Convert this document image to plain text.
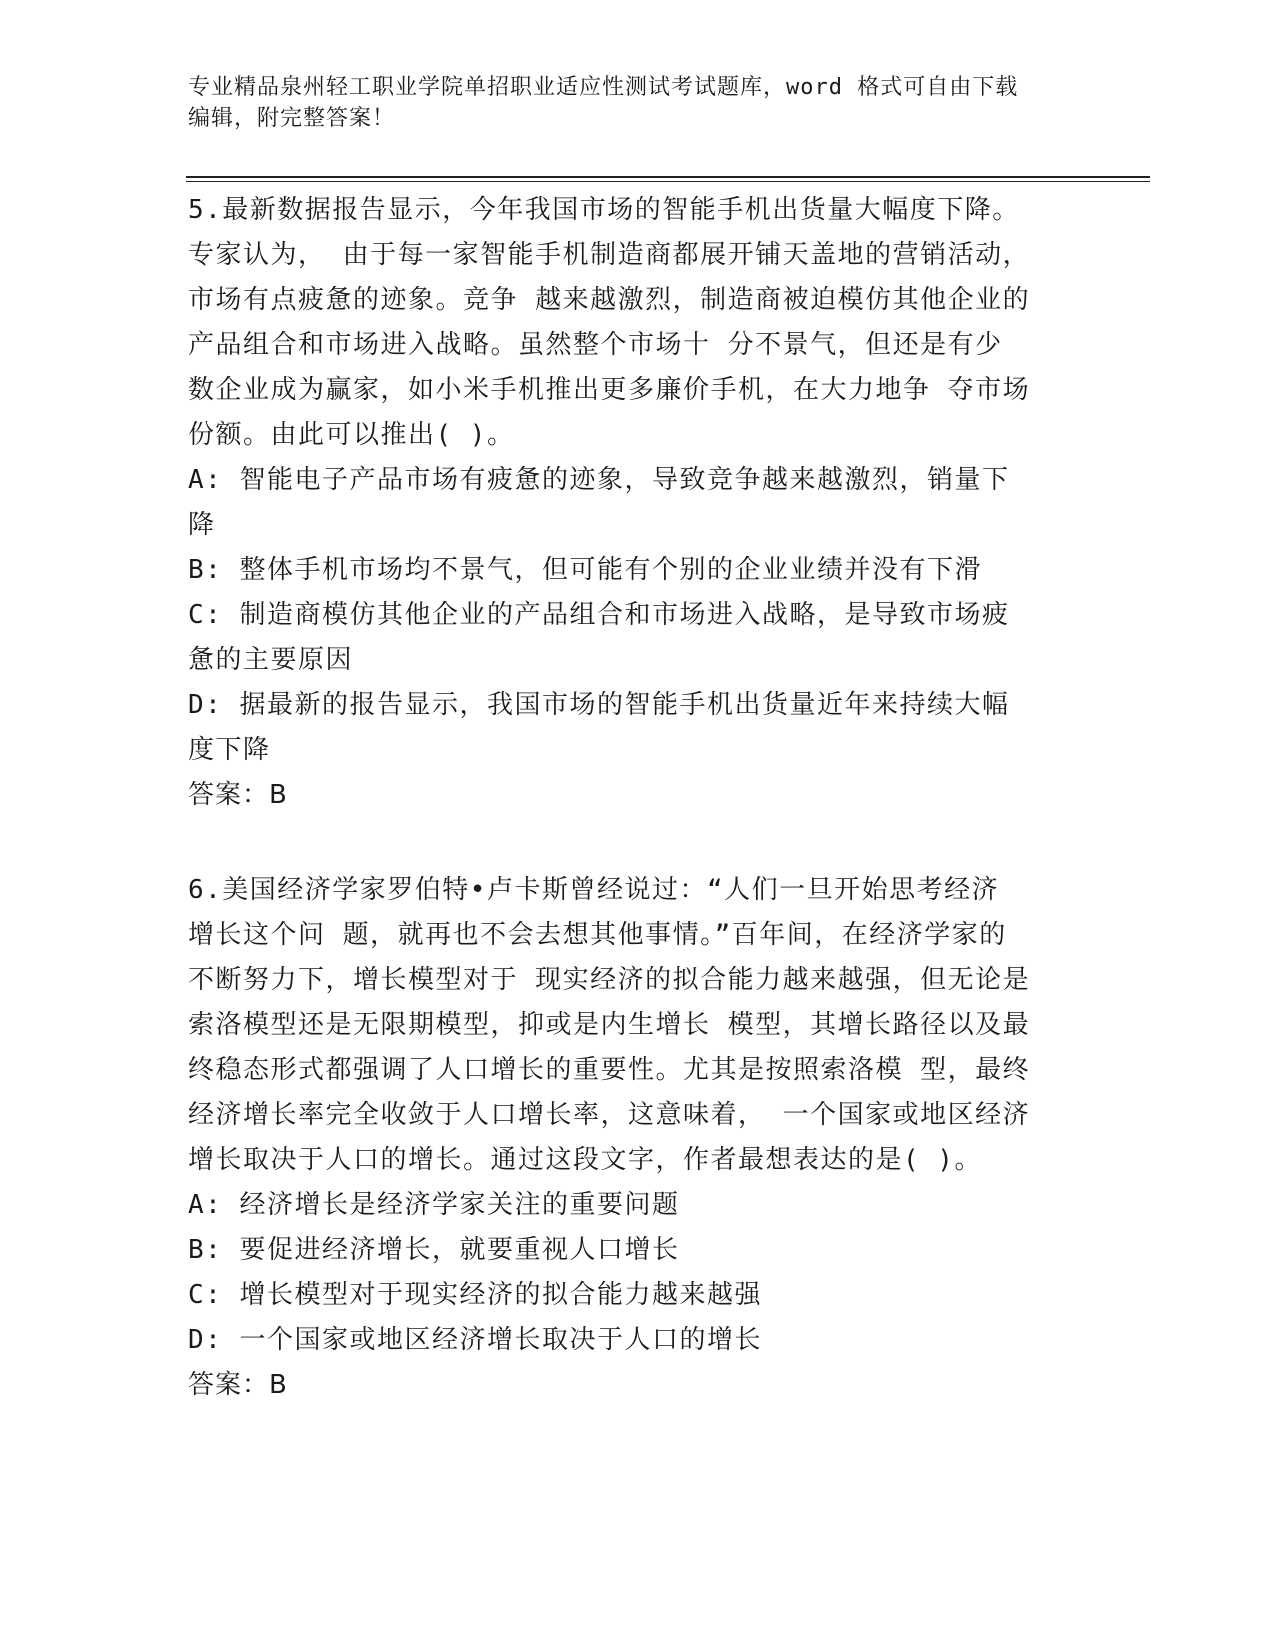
专业精品泉州轻工职业学院单招职业适应性测试考试题库，word 格式可自由下载
编辑，附完整答案！
5.最新数据报告显示，今年我国市场的智能手机出货量大幅度下降。
专家认为， 由于每一家智能手机制造商都展开铺天盖地的营销活动，
市场有点疲惫的迹象。竞争 越来越激烈，制造商被迫模仿其他企业的
产品组合和市场进入战略。虽然整个市场十 分不景气，但还是有少
数企业成为赢家，如小米手机推出更多廉价手机，在大力地争 夺市场
份额。由此可以推出( )。
A: 智能电子产品市场有疲惫的迹象，导致竞争越来越激烈，销量下
降
B: 整体手机市场均不景气，但可能有个别的企业业绩并没有下滑
C: 制造商模仿其他企业的产品组合和市场进入战略，是导致市场疲
惫的主要原因
D: 据最新的报告显示，我国市场的智能手机出货量近年来持续大幅
度下降
答案：B
6.美国经济学家罗伯特•卢卡斯曾经说过：“人们一旦开始思考经济
增长这个问 题，就再也不会去想其他事情。”百年间，在经济学家的
不断努力下，增长模型对于 现实经济的拟合能力越来越强，但无论是
索洛模型还是无限期模型，抑或是内生增长 模型，其增长路径以及最
终稳态形式都强调了人口增长的重要性。尤其是按照索洛模 型，最终
经济增长率完全收敛于人口增长率，这意味着， 一个国家或地区经济
增长取决于人口的增长。通过这段文字，作者最想表达的是( )。
A: 经济增长是经济学家关注的重要问题
B: 要促进经济增长，就要重视人口增长
C: 增长模型对于现实经济的拟合能力越来越强
D: 一个国家或地区经济增长取决于人口的增长
答案：B
